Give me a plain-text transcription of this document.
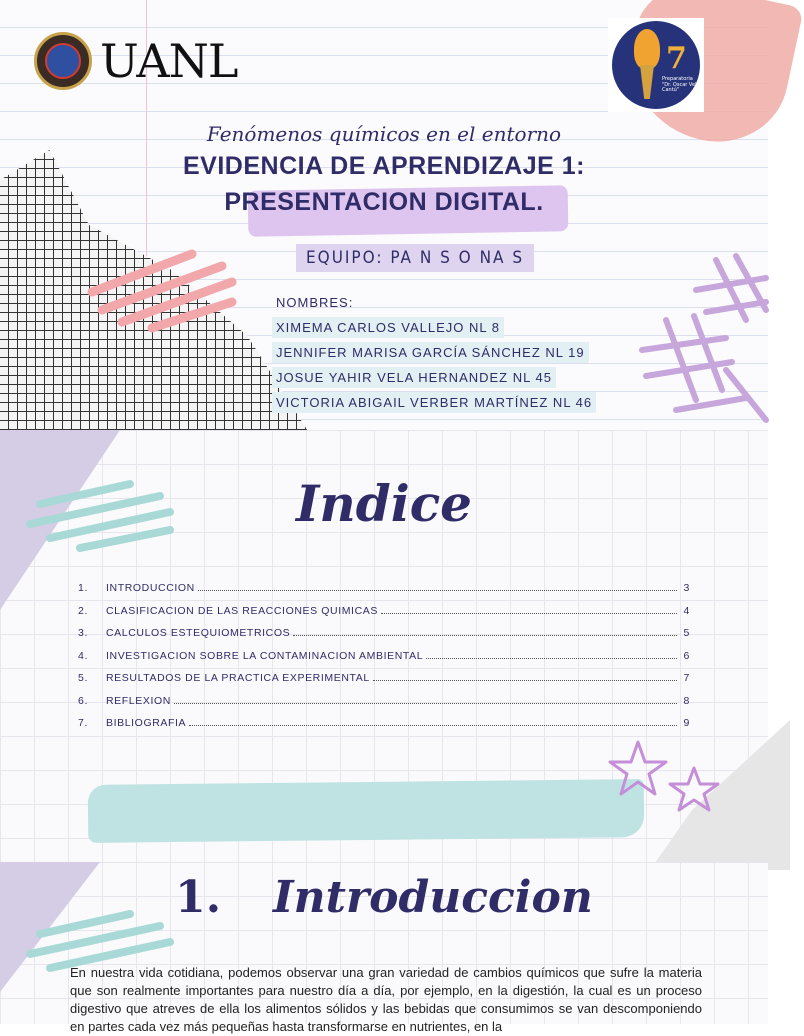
UANL	7
Preparatoria "Dr. Oscar Vela Cantú"
Fenómenos químicos en el entorno
EVIDENCIA DE APRENDIZAJE 1:
PRESENTACION DIGITAL.
EQUIPO: PA N S O NA S
NOMBRES:
XIMEMA CARLOS VALLEJO NL 8
JENNIFER MARISA GARCÍA SÁNCHEZ NL 19
JOSUE YAHIR VELA HERNANDEZ NL 45
VICTORIA ABIGAIL VERBER MARTÍNEZ NL 46
Indice
1.	INTRODUCCION	3
2.	CLASIFICACION DE LAS REACCIONES QUIMICAS	4
3.	CALCULOS ESTEQUIOMETRICOS	5
4.	INVESTIGACION SOBRE LA CONTAMINACION AMBIENTAL	6
5.	RESULTADOS DE LA PRACTICA EXPERIMENTAL	7
6.	REFLEXION	8
7.	BIBLIOGRAFIA	9
1. Introduccion
En nuestra vida cotidiana, podemos observar una gran variedad de cambios químicos que sufre la materia que son realmente importantes para nuestro día a día, por ejemplo, en la digestión, la cual es un proceso digestivo que atreves de ella los alimentos sólidos y las bebidas que consumimos se van descomponiendo en partes cada vez más pequeñas hasta transformarse en nutrientes, en la
